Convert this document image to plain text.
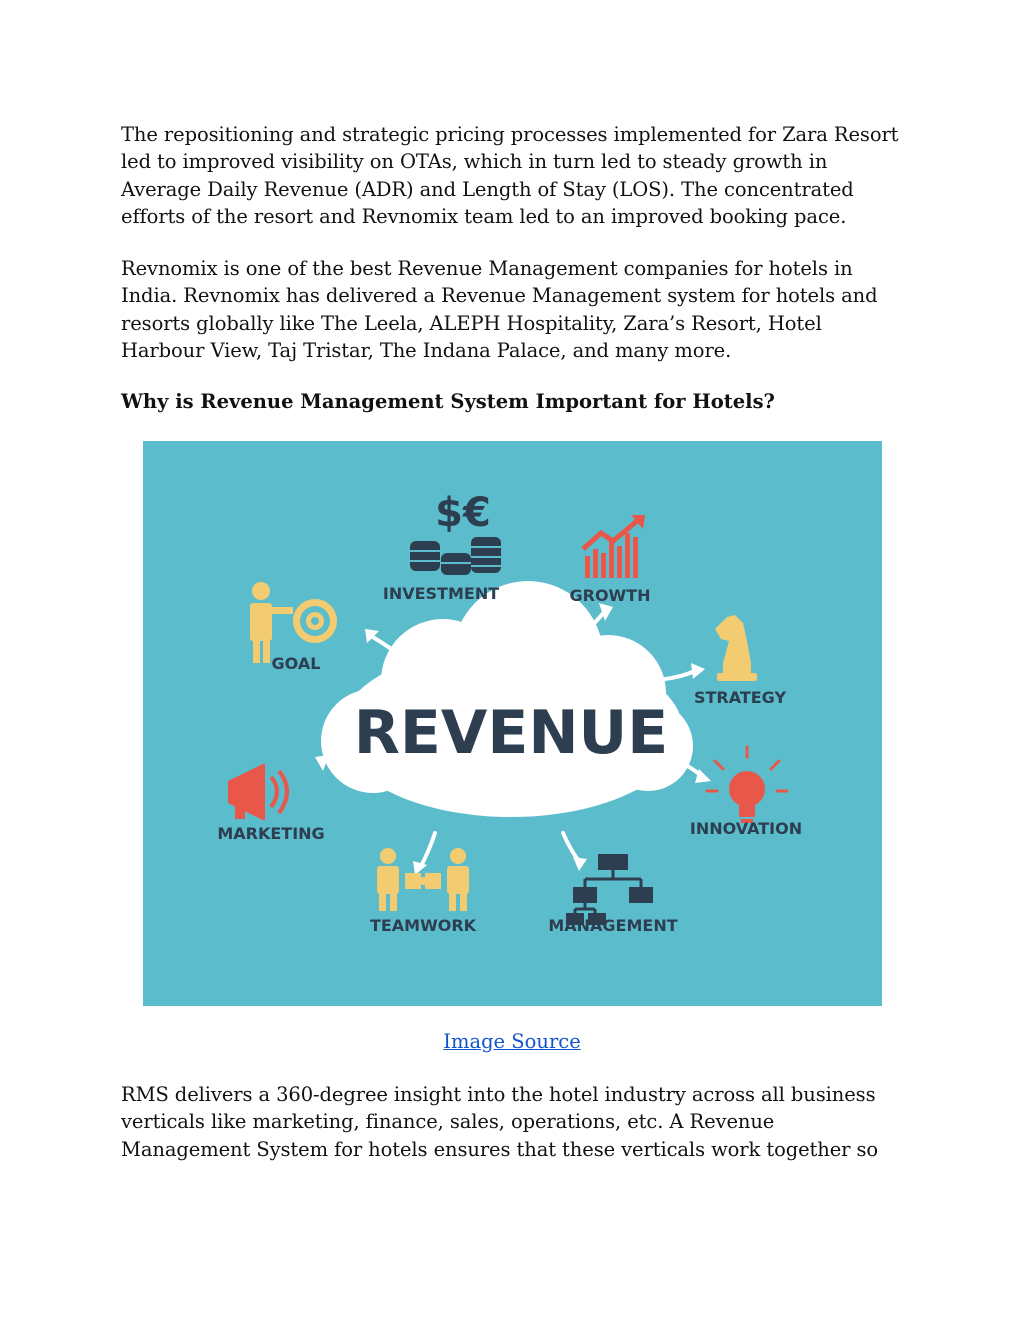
The repositioning and strategic pricing processes implemented for Zara Resort led to improved visibility on OTAs, which in turn led to steady growth in Average Daily Revenue (ADR) and Length of Stay (LOS). The concentrated efforts of the resort and Revnomix team led to an improved booking pace.

Revnomix is one of the best Revenue Management companies for hotels in India. Revnomix has delivered a Revenue Management system for hotels and resorts globally like The Leela, ALEPH Hospitality, Zara’s Resort, Hotel Harbour View, Taj Tristar, The Indana Palace, and many more.

Why is Revenue Management System Important for Hotels?
REVENUE
$€
INVESTMENT	GROWTH
GOAL
STRATEGY
MARKETING	INNOVATION
TEAMWORK	MANAGEMENT
Image Source

RMS delivers a 360-degree insight into the hotel industry across all business verticals like marketing, finance, sales, operations, etc. A Revenue Management System for hotels ensures that these verticals work together so
